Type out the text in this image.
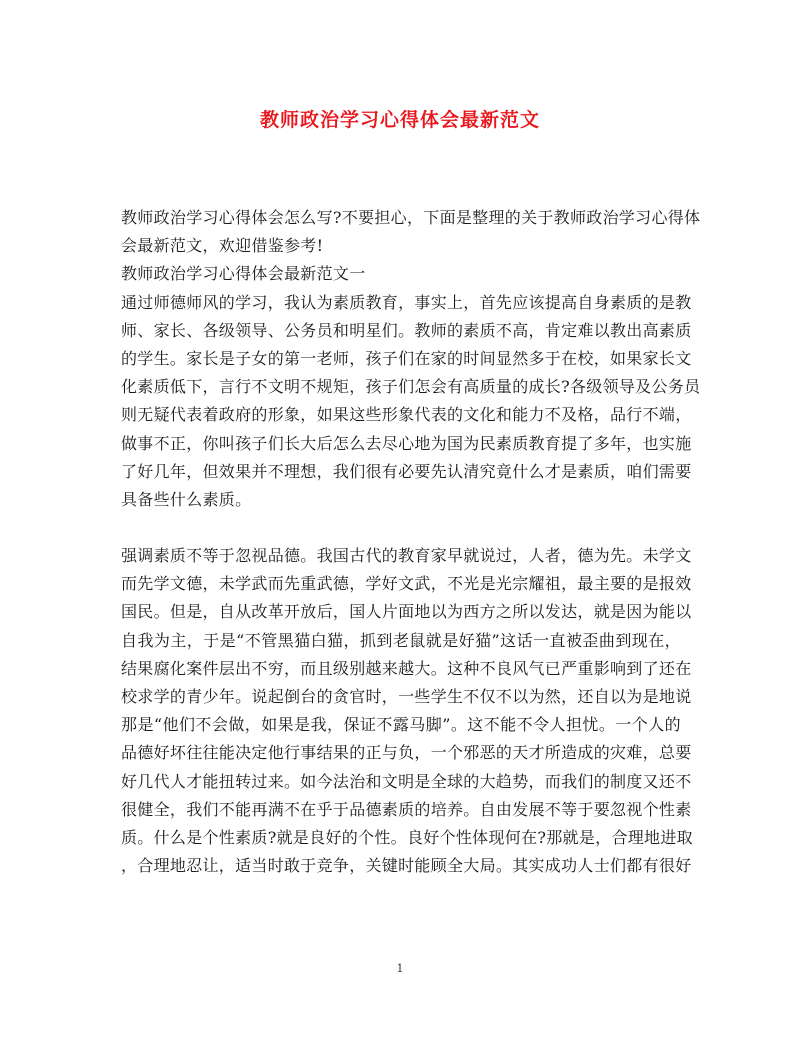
教师政治学习心得体会最新范文
教师政治学习心得体会怎么写?不要担心，下面是整理的关于教师政治学习心得体
会最新范文，欢迎借鉴参考!
教师政治学习心得体会最新范文一
通过师德师风的学习，我认为素质教育，事实上，首先应该提高自身素质的是教
师、家长、各级领导、公务员和明星们。教师的素质不高，肯定难以教出高素质
的学生。家长是子女的第一老师，孩子们在家的时间显然多于在校，如果家长文
化素质低下，言行不文明不规矩，孩子们怎会有高质量的成长?各级领导及公务员
则无疑代表着政府的形象，如果这些形象代表的文化和能力不及格，品行不端，
做事不正，你叫孩子们长大后怎么去尽心地为国为民素质教育提了多年，也实施
了好几年，但效果并不理想，我们很有必要先认清究竟什么才是素质，咱们需要
具备些什么素质。
强调素质不等于忽视品德。我国古代的教育家早就说过，人者，德为先。未学文
而先学文德，未学武而先重武德，学好文武，不光是光宗耀祖，最主要的是报效
国民。但是，自从改革开放后，国人片面地以为西方之所以发达，就是因为能以
自我为主，于是“不管黑猫白猫，抓到老鼠就是好猫”这话一直被歪曲到现在，
结果腐化案件层出不穷，而且级别越来越大。这种不良风气已严重影响到了还在
校求学的青少年。说起倒台的贪官时，一些学生不仅不以为然，还自以为是地说
那是“他们不会做，如果是我，保证不露马脚”。这不能不令人担忧。一个人的
品德好坏往往能决定他行事结果的正与负，一个邪恶的天才所造成的灾难，总要
好几代人才能扭转过来。如今法治和文明是全球的大趋势，而我们的制度又还不
很健全，我们不能再满不在乎于品德素质的培养。自由发展不等于要忽视个性素
质。什么是个性素质?就是良好的个性。良好个性体现何在?那就是，合理地进取
，合理地忍让，适当时敢于竞争，关键时能顾全大局。其实成功人士们都有很好
1
